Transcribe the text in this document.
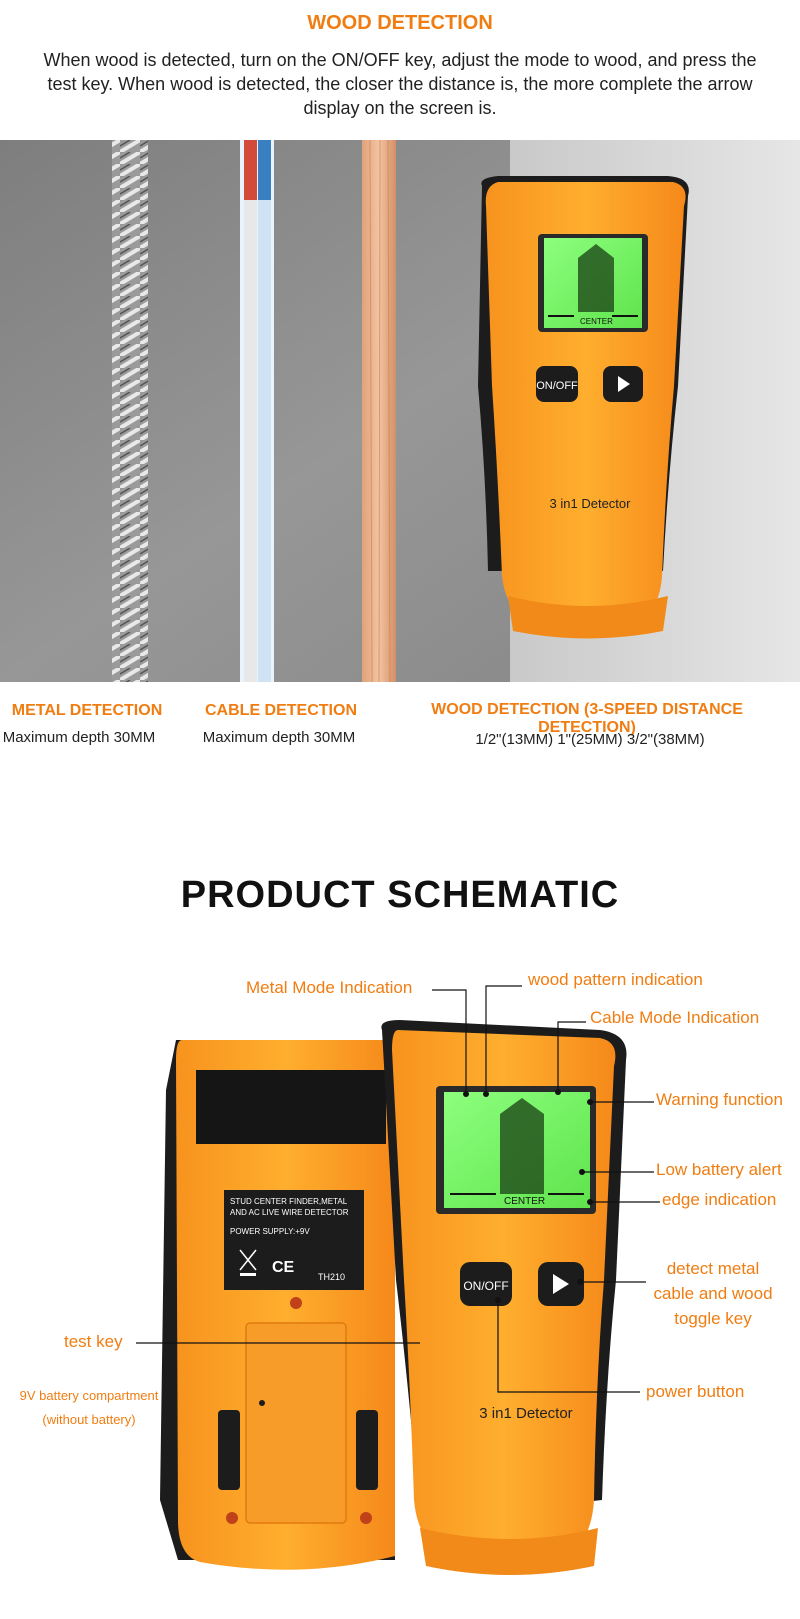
WOOD DETECTION
When wood is detected, turn on the ON/OFF key, adjust the mode to wood, and press the test key. When wood is detected, the closer the distance is, the more complete the arrow display on the screen is.
CENTER
ON/OFF
3 in1 Detector
METAL DETECTION
Maximum depth 30MM
CABLE DETECTION
Maximum depth 30MM
WOOD DETECTION (3-SPEED DISTANCE DETECTION)
1/2"(13MM) 1"(25MM) 3/2"(38MM)
PRODUCT SCHEMATIC
STUD CENTER FINDER,METAL
AND AC LIVE WIRE DETECTOR
POWER SUPPLY:+9V
TH210
CE
CENTER
ON/OFF
3 in1 Detector
Metal Mode Indication	wood pattern indication
Cable Mode Indication
Warning function
Low battery alert
edge indication
detect metal
cable and wood
toggle key
test key
9V battery compartment
(without battery)
power button
